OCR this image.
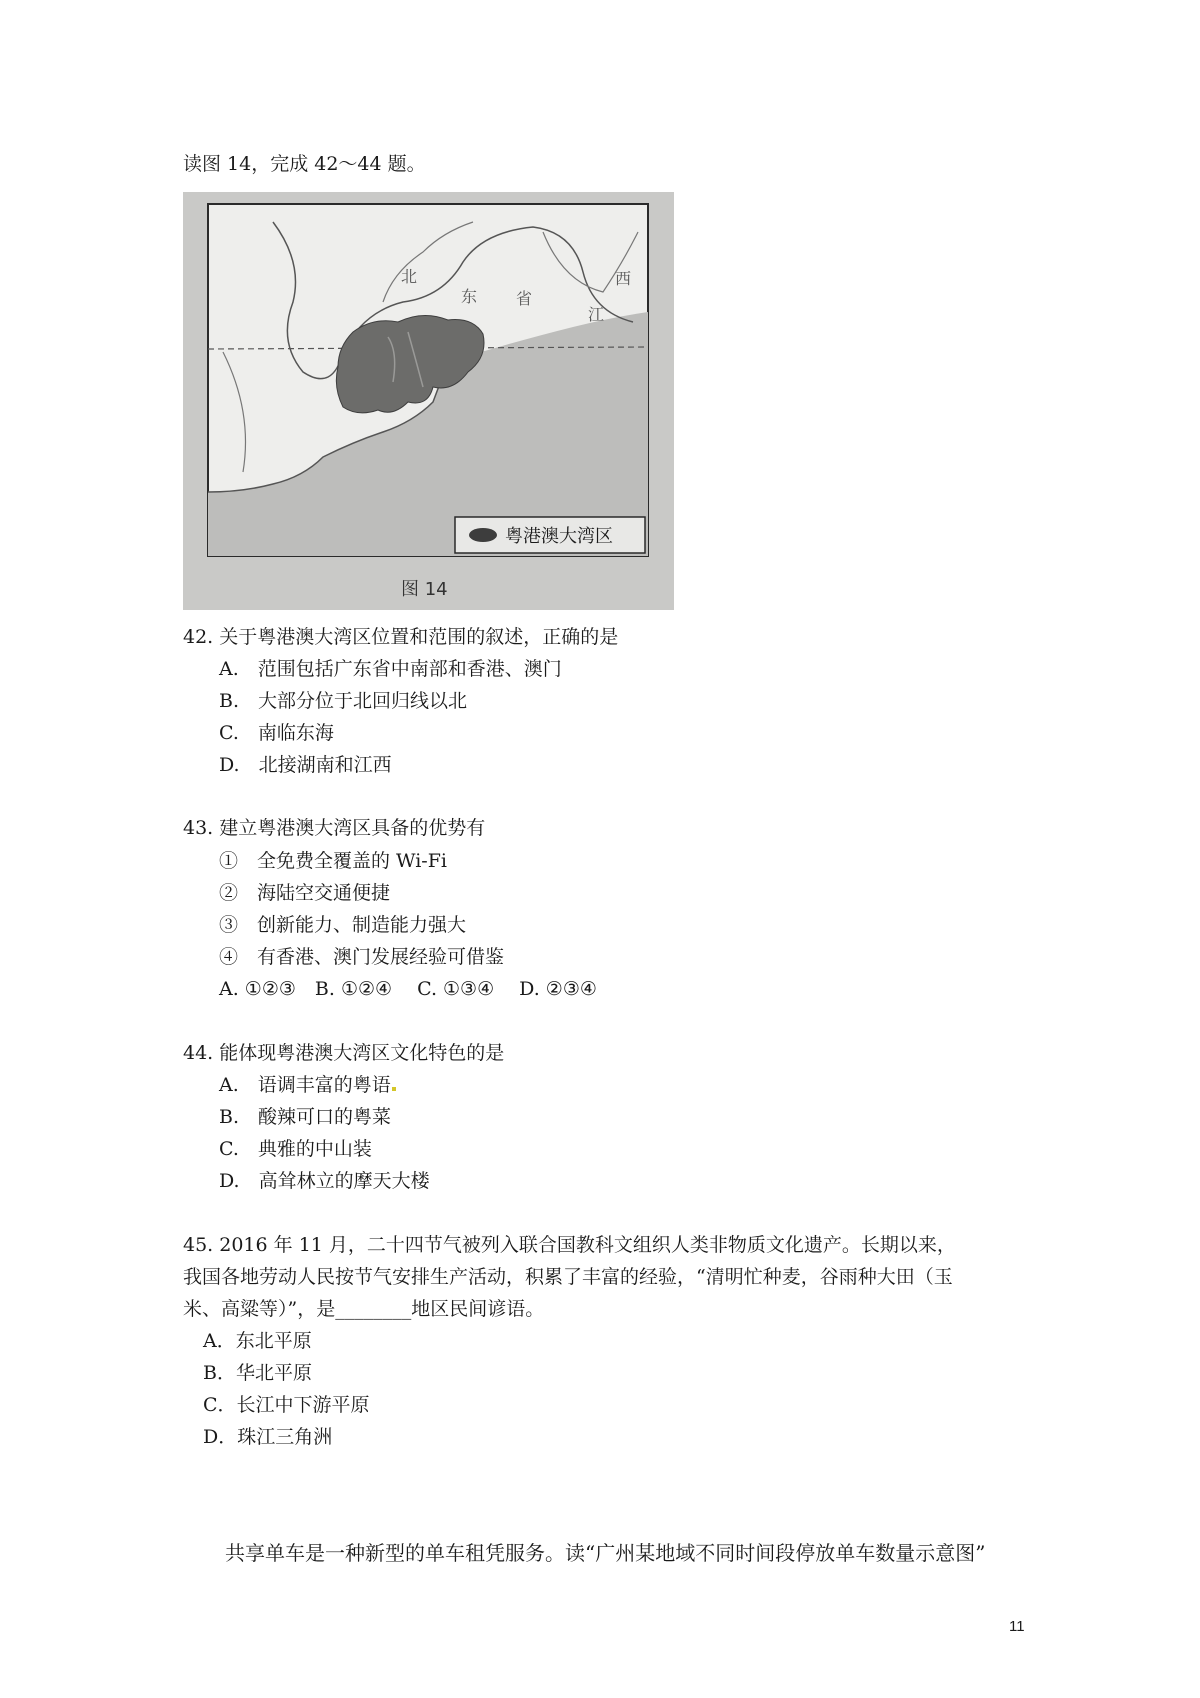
读图 14，完成 42～44 题。
北
东 省
江
西
粤港澳大湾区
图 14
42. 关于粤港澳大湾区位置和范围的叙述，正确的是
A.　范围包括广东省中南部和香港、澳门
B.　大部分位于北回归线以北
C.　南临东海
D.　北接湖南和江西
43. 建立粤港澳大湾区具备的优势有
①　全免费全覆盖的 Wi-Fi
②　海陆空交通便捷
③　创新能力、制造能力强大
④　有香港、澳门发展经验可借鉴
A. ①②③　B. ①②④　 C. ①③④　 D. ②③④
44. 能体现粤港澳大湾区文化特色的是
A.　语调丰富的粤语
B.　酸辣可口的粤菜
C.　典雅的中山装
D.　高耸林立的摩天大楼
45. 2016 年 11 月，二十四节气被列入联合国教科文组织人类非物质文化遗产。长期以来，
我国各地劳动人民按节气安排生产活动，积累了丰富的经验，“清明忙种麦，谷雨种大田（玉
米、高粱等）”，是________地区民间谚语。
A．东北平原
B．华北平原
C．长江中下游平原
D．珠江三角洲
共享单车是一种新型的单车租凭服务。读“广州某地域不同时间段停放单车数量示意图”
11
